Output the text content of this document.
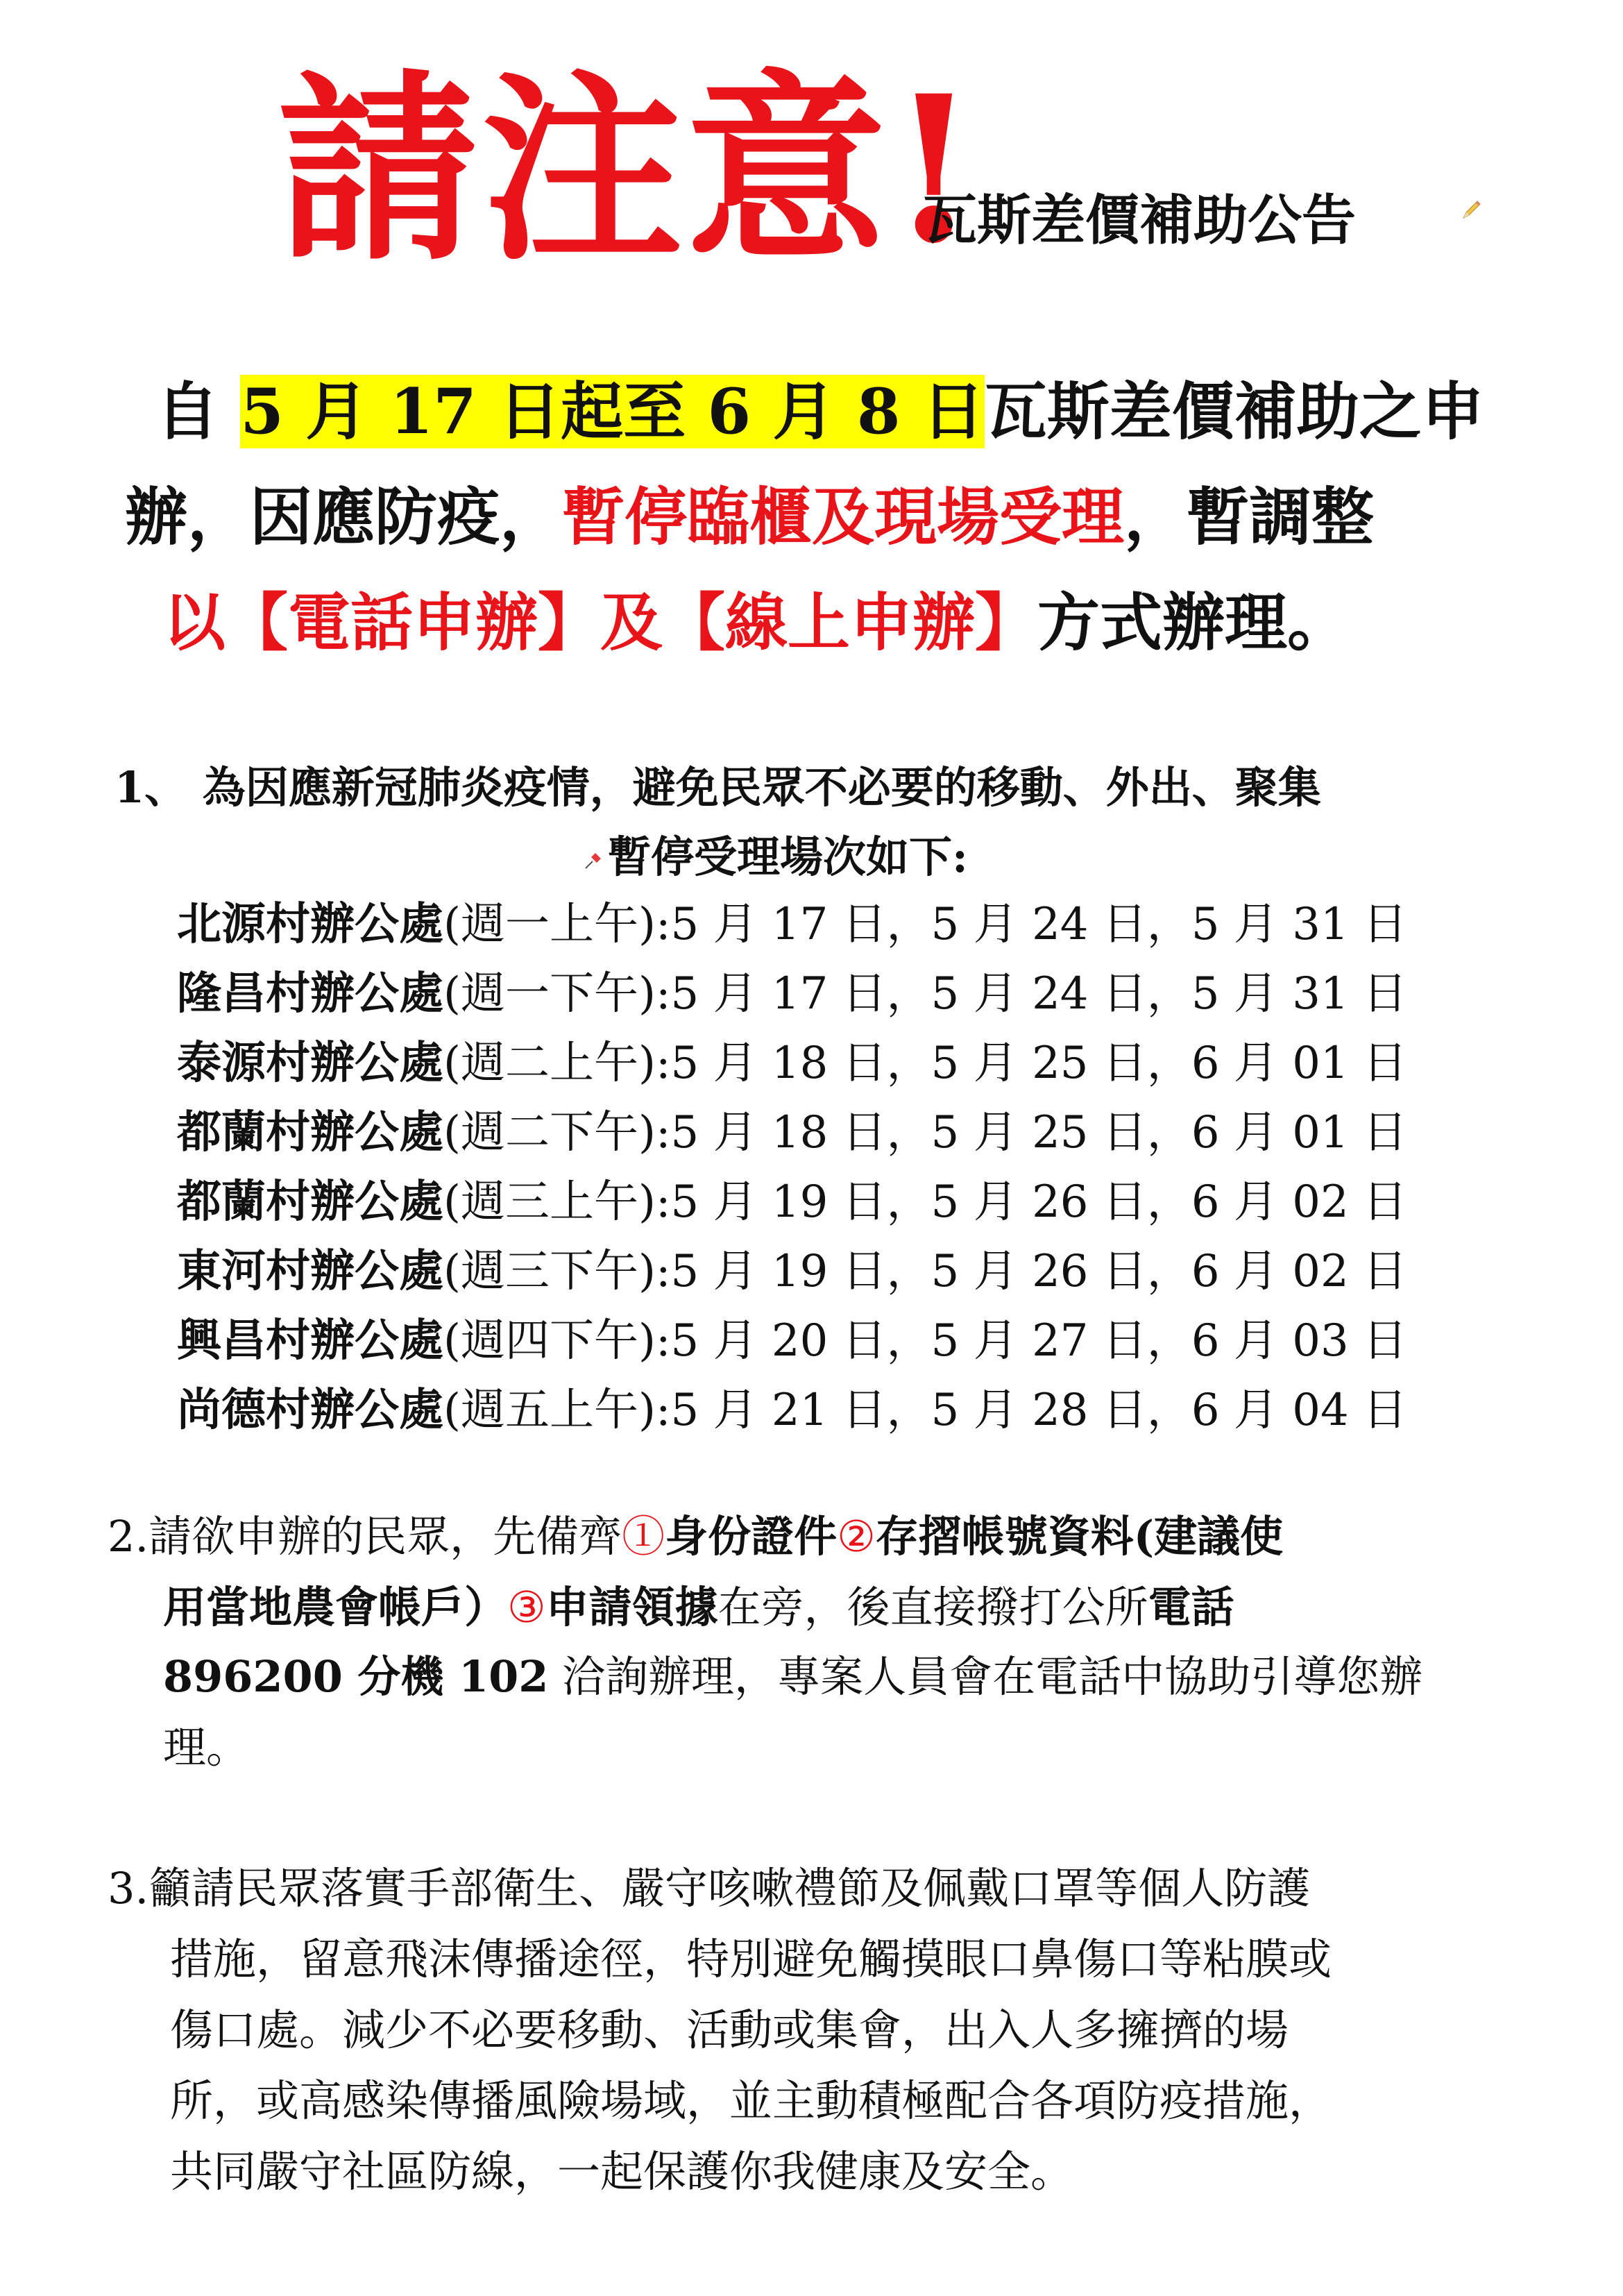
請注意!
瓦斯差價補助公告
自 5 月 17 日起至 6 月 8 日瓦斯差價補助之申
辦，因應防疫，暫停臨櫃及現場受理，暫調整
以【電話申辦】及【線上申辦】方式辦理。
1、 為因應新冠肺炎疫情，避免民眾不必要的移動、外出、聚集
暫停受理場次如下:
北源村辦公處(週一上午):5 月 17 日，5 月 24 日，5 月 31 日
隆昌村辦公處(週一下午):5 月 17 日，5 月 24 日，5 月 31 日
泰源村辦公處(週二上午):5 月 18 日，5 月 25 日，6 月 01 日
都蘭村辦公處(週二下午):5 月 18 日，5 月 25 日，6 月 01 日
都蘭村辦公處(週三上午):5 月 19 日，5 月 26 日，6 月 02 日
東河村辦公處(週三下午):5 月 19 日，5 月 26 日，6 月 02 日
興昌村辦公處(週四下午):5 月 20 日，5 月 27 日，6 月 03 日
尚德村辦公處(週五上午):5 月 21 日，5 月 28 日，6 月 04 日
2.請欲申辦的民眾，先備齊①身份證件②存摺帳號資料(建議使
用當地農會帳戶）③申請領據在旁，後直接撥打公所電話
896200 分機 102 洽詢辦理，專案人員會在電話中協助引導您辦
理。
3.籲請民眾落實手部衛生、嚴守咳嗽禮節及佩戴口罩等個人防護
措施，留意飛沫傳播途徑，特別避免觸摸眼口鼻傷口等粘膜或
傷口處。減少不必要移動、活動或集會，出入人多擁擠的場
所，或高感染傳播風險場域，並主動積極配合各項防疫措施，
共同嚴守社區防線，一起保護你我健康及安全。
